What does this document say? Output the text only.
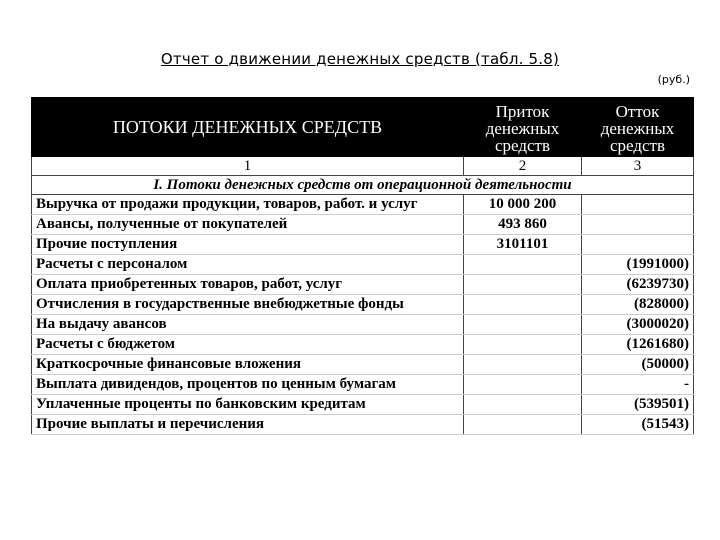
Отчет о движении денежных средств (табл. 5.8)
(руб.)
ПОТОКИ ДЕНЕЖНЫХ СРЕДСТВ	Приток денежных средств	Отток денежных средств
1	2	3
I. Потоки денежных средств от операционной деятельности		
Выручка от продажи продукции, товаров, работ. и услуг	10 000 200	
Авансы, полученные от покупателей	493 860	
Прочие поступления	3101101	
Расчеты с персоналом		(1991000)
Оплата приобретенных товаров, работ, услуг		(6239730)
Отчисления в государственные внебюджетные фонды		(828000)
На выдачу авансов		(3000020)
Расчеты с бюджетом		(1261680)
Краткосрочные финансовые вложения		(50000)
Выплата дивидендов, процентов по ценным бумагам		-
Уплаченные проценты по банковским кредитам		(539501)
Прочие выплаты и перечисления		(51543)
